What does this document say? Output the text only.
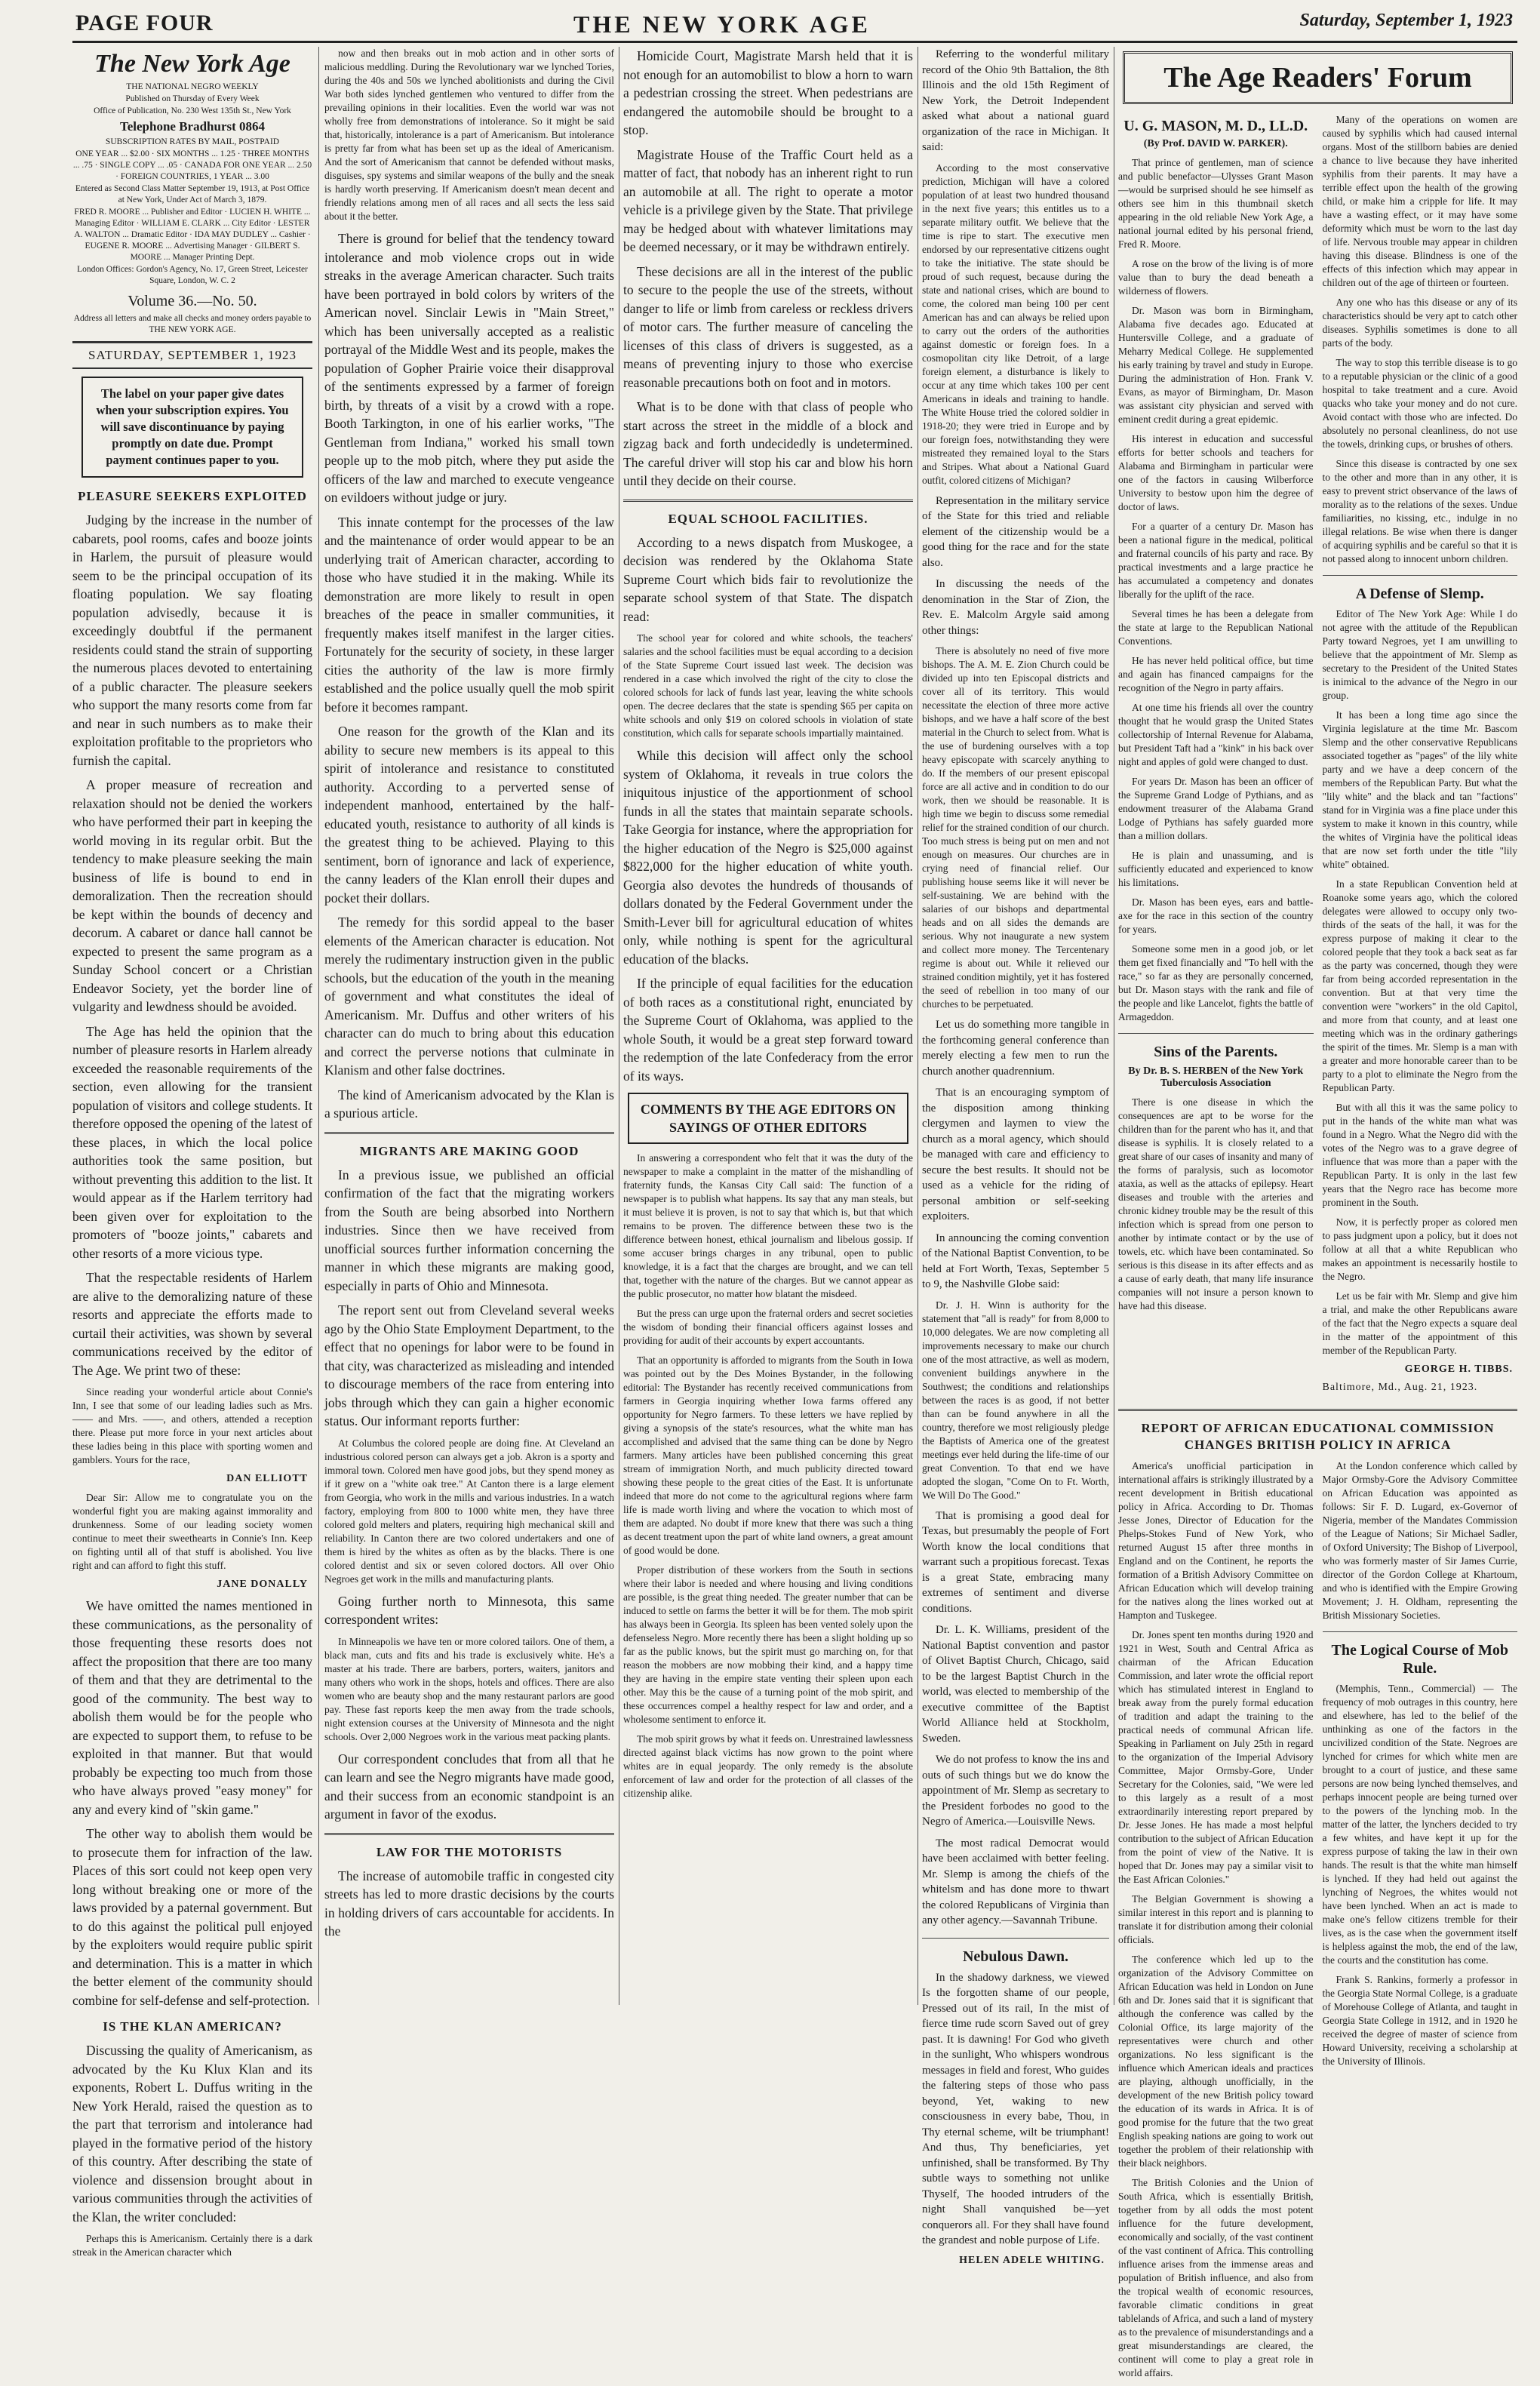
PAGE FOUR	THE NEW YORK AGE	Saturday, September 1, 1923
The New York Age
THE NATIONAL NEGRO WEEKLY
Published on Thursday of Every Week
Office of Publication, No. 230 West 135th St., New York
Telephone Bradhurst 0864
SUBSCRIPTION RATES BY MAIL, POSTPAID
ONE YEAR ... $2.00 · SIX MONTHS ... 1.25 · THREE MONTHS ... .75 · SINGLE COPY ... .05 · CANADA FOR ONE YEAR ... 2.50 · FOREIGN COUNTRIES, 1 YEAR ... 3.00
Entered as Second Class Matter September 19, 1913, at Post Office at New York, Under Act of March 3, 1879.
FRED R. MOORE ... Publisher and Editor · LUCIEN H. WHITE ... Managing Editor · WILLIAM E. CLARK ... City Editor · LESTER A. WALTON ... Dramatic Editor · IDA MAY DUDLEY ... Cashier · EUGENE R. MOORE ... Advertising Manager · GILBERT S. MOORE ... Manager Printing Dept.
London Offices: Gordon's Agency, No. 17, Green Street, Leicester Square, London, W. C. 2
Volume 36.—No. 50.
Address all letters and make all checks and money orders payable to THE NEW YORK AGE.
SATURDAY, SEPTEMBER 1, 1923
The label on your paper give dates when your subscription expires. You will save discontinuance by paying promptly on date due. Prompt payment continues paper to you.
PLEASURE SEEKERS EXPLOITED

Judging by the increase in the number of cabarets, pool rooms, cafes and booze joints in Harlem, the pursuit of pleasure would seem to be the principal occupation of its floating population. We say floating population advisedly, because it is exceedingly doubtful if the permanent residents could stand the strain of supporting the numerous places devoted to entertaining of a public character. The pleasure seekers who support the many resorts come from far and near in such numbers as to make their exploitation profitable to the proprietors who furnish the capital.

A proper measure of recreation and relaxation should not be denied the workers who have performed their part in keeping the world moving in its regular orbit. But the tendency to make pleasure seeking the main business of life is bound to end in demoralization. Then the recreation should be kept within the bounds of decency and decorum. A cabaret or dance hall cannot be expected to present the same program as a Sunday School concert or a Christian Endeavor Society, yet the border line of vulgarity and lewdness should be avoided.

The Age has held the opinion that the number of pleasure resorts in Harlem already exceeded the reasonable requirements of the section, even allowing for the transient population of visitors and college students. It therefore opposed the opening of the latest of these places, in which the local police authorities took the same position, but without preventing this addition to the list. It would appear as if the Harlem territory had been given over for exploitation to the promoters of "booze joints," cabarets and other resorts of a more vicious type.

That the respectable residents of Harlem are alive to the demoralizing nature of these resorts and appreciate the efforts made to curtail their activities, was shown by several communications received by the editor of The Age. We print two of these:

Since reading your wonderful article about Connie's Inn, I see that some of our leading ladies such as Mrs. —— and Mrs. ——, and others, attended a reception there. Please put more force in your next articles about these ladies being in this place with sporting women and gamblers. Yours for the race,

DAN ELLIOTT

Dear Sir: Allow me to congratulate you on the wonderful fight you are making against immorality and drunkenness. Some of our leading society women continue to meet their sweethearts in Connie's Inn. Keep on fighting until all of that stuff is abolished. You live right and can afford to fight this stuff.

JANE DONALLY

We have omitted the names mentioned in these communications, as the personality of those frequenting these resorts does not affect the proposition that there are too many of them and that they are detrimental to the good of the community. The best way to abolish them would be for the people who are expected to support them, to refuse to be exploited in that manner. But that would probably be expecting too much from those who have always proved "easy money" for any and every kind of "skin game."

The other way to abolish them would be to prosecute them for infraction of the law. Places of this sort could not keep open very long without breaking one or more of the laws provided by a paternal government. But to do this against the political pull enjoyed by the exploiters would require public spirit and determination. This is a matter in which the better element of the community should combine for self-defense and self-protection.

IS THE KLAN AMERICAN?

Discussing the quality of Americanism, as advocated by the Ku Klux Klan and its exponents, Robert L. Duffus writing in the New York Herald, raised the question as to the part that terrorism and intolerance had played in the formative period of the history of this country. After describing the state of violence and dissension brought about in various communities through the activities of the Klan, the writer concluded:

Perhaps this is Americanism. Certainly there is a dark streak in the American character which

now and then breaks out in mob action and in other sorts of malicious meddling. During the Revolutionary war we lynched Tories, during the 40s and 50s we lynched abolitionists and during the Civil War both sides lynched gentlemen who ventured to differ from the prevailing opinions in their localities. Even the world war was not wholly free from demonstrations of intolerance. So it might be said that, historically, intolerance is a part of Americanism. But intolerance is pretty far from what has been set up as the ideal of Americanism. And the sort of Americanism that cannot be defended without masks, disguises, spy systems and similar weapons of the bully and the sneak is hardly worth preserving. If Americanism doesn't mean decent and friendly relations among men of all races and all sects the less said about it the better.

There is ground for belief that the tendency toward intolerance and mob violence crops out in wide streaks in the average American character. Such traits have been portrayed in bold colors by writers of the American novel. Sinclair Lewis in "Main Street," which has been universally accepted as a realistic portrayal of the Middle West and its people, makes the population of Gopher Prairie voice their disapproval of the sentiments expressed by a farmer of foreign birth, by threats of a visit by a crowd with a rope. Booth Tarkington, in one of his earlier works, "The Gentleman from Indiana," worked his small town people up to the mob pitch, where they put aside the officers of the law and marched to execute vengeance on evildoers without judge or jury.

This innate contempt for the processes of the law and the maintenance of order would appear to be an underlying trait of American character, according to those who have studied it in the making. While its demonstration are more likely to result in open breaches of the peace in smaller communities, it frequently makes itself manifest in the larger cities. Fortunately for the security of society, in these larger cities the authority of the law is more firmly established and the police usually quell the mob spirit before it becomes rampant.

One reason for the growth of the Klan and its ability to secure new members is its appeal to this spirit of intolerance and resistance to constituted authority. According to a perverted sense of independent manhood, entertained by the half-educated youth, resistance to authority of all kinds is the greatest thing to be achieved. Playing to this sentiment, born of ignorance and lack of experience, the canny leaders of the Klan enroll their dupes and pocket their dollars.

The remedy for this sordid appeal to the baser elements of the American character is education. Not merely the rudimentary instruction given in the public schools, but the education of the youth in the meaning of government and what constitutes the ideal of Americanism. Mr. Duffus and other writers of his character can do much to bring about this education and correct the perverse notions that culminate in Klanism and other false doctrines.

The kind of Americanism advocated by the Klan is a spurious article.

MIGRANTS ARE MAKING GOOD

In a previous issue, we published an official confirmation of the fact that the migrating workers from the South are being absorbed into Northern industries. Since then we have received from unofficial sources further information concerning the manner in which these migrants are making good, especially in parts of Ohio and Minnesota.

The report sent out from Cleveland several weeks ago by the Ohio State Employment Department, to the effect that no openings for labor were to be found in that city, was characterized as misleading and intended to discourage members of the race from entering into jobs through which they can gain a higher economic status. Our informant reports further:

At Columbus the colored people are doing fine. At Cleveland an industrious colored person can always get a job. Akron is a sporty and immoral town. Colored men have good jobs, but they spend money as if it grew on a "white oak tree." At Canton there is a large element from Georgia, who work in the mills and various industries. In a watch factory, employing from 800 to 1000 white men, they have three colored gold melters and platers, requiring high mechanical skill and reliability. In Canton there are two colored undertakers and one of them is hired by the whites as often as by the blacks. There is one colored dentist and six or seven colored doctors. All over Ohio Negroes get work in the mills and manufacturing plants.

Going further north to Minnesota, this same correspondent writes:

In Minneapolis we have ten or more colored tailors. One of them, a black man, cuts and fits and his trade is exclusively white. He's a master at his trade. There are barbers, porters, waiters, janitors and many others who work in the shops, hotels and offices. There are also women who are beauty shop and the many restaurant parlors are good pay. These fast reports keep the men away from the trade schools, night extension courses at the University of Minnesota and the night schools. Over 2,000 Negroes work in the various meat packing plants.

Our correspondent concludes that from all that he can learn and see the Negro migrants have made good, and their success from an economic standpoint is an argument in favor of the exodus.

LAW FOR THE MOTORISTS

The increase of automobile traffic in congested city streets has led to more drastic decisions by the courts in holding drivers of cars accountable for accidents. In the

Homicide Court, Magistrate Marsh held that it is not enough for an automobilist to blow a horn to warn a pedestrian crossing the street. When pedestrians are endangered the automobile should be brought to a stop.

Magistrate House of the Traffic Court held as a matter of fact, that nobody has an inherent right to run an automobile at all. The right to operate a motor vehicle is a privilege given by the State. That privilege may be hedged about with whatever limitations may be deemed necessary, or it may be withdrawn entirely.

These decisions are all in the interest of the public to secure to the people the use of the streets, without danger to life or limb from careless or reckless drivers of motor cars. The further measure of canceling the licenses of this class of drivers is suggested, as a means of preventing injury to those who exercise reasonable precautions both on foot and in motors.

What is to be done with that class of people who start across the street in the middle of a block and zigzag back and forth undecidedly is undetermined. The careful driver will stop his car and blow his horn until they decide on their course.

EQUAL SCHOOL FACILITIES.

According to a news dispatch from Muskogee, a decision was rendered by the Oklahoma State Supreme Court which bids fair to revolutionize the separate school system of that State. The dispatch read:

The school year for colored and white schools, the teachers' salaries and the school facilities must be equal according to a decision of the State Supreme Court issued last week. The decision was rendered in a case which involved the right of the city to close the colored schools for lack of funds last year, leaving the white schools open. The decree declares that the state is spending $65 per capita on white schools and only $19 on colored schools in violation of state constitution, which calls for separate schools impartially maintained.

While this decision will affect only the school system of Oklahoma, it reveals in true colors the iniquitous injustice of the apportionment of school funds in all the states that maintain separate schools. Take Georgia for instance, where the appropriation for the higher education of the Negro is $25,000 against $822,000 for the higher education of white youth. Georgia also devotes the hundreds of thousands of dollars donated by the Federal Government under the Smith-Lever bill for agricultural education of whites only, while nothing is spent for the agricultural education of the blacks.

If the principle of equal facilities for the education of both races as a constitutional right, enunciated by the Supreme Court of Oklahoma, was applied to the whole South, it would be a great step forward toward the redemption of the late Confederacy from the error of its ways.

COMMENTS BY THE AGE EDITORS ON SAYINGS OF OTHER EDITORS

In answering a correspondent who felt that it was the duty of the newspaper to make a complaint in the matter of the mishandling of fraternity funds, the Kansas City Call said: The function of a newspaper is to publish what happens. Its say that any man steals, but it must believe it is proven, is not to say that which is, but that which remains to be proven. The difference between these two is the difference between honest, ethical journalism and libelous gossip. If some accuser brings charges in any tribunal, open to public knowledge, it is a fact that the charges are brought, and we can tell that, together with the nature of the charges. But we cannot appear as the public prosecutor, no matter how blatant the misdeed.

But the press can urge upon the fraternal orders and secret societies the wisdom of bonding their financial officers against losses and providing for audit of their accounts by expert accountants.

That an opportunity is afforded to migrants from the South in Iowa was pointed out by the Des Moines Bystander, in the following editorial: The Bystander has recently received communications from farmers in Georgia inquiring whether Iowa farms offered any opportunity for Negro farmers. To these letters we have replied by giving a synopsis of the state's resources, what the white man has accomplished and advised that the same thing can be done by Negro farmers. Many articles have been published concerning this great stream of immigration North, and much publicity directed toward showing these people to the great cities of the East. It is unfortunate indeed that more do not come to the agricultural regions where farm life is made worth living and where the vocation to which most of them are adapted. No doubt if more knew that there was such a thing as decent treatment upon the part of white land owners, a great amount of good would be done.

Proper distribution of these workers from the South in sections where their labor is needed and where housing and living conditions are possible, is the great thing needed. The greater number that can be induced to settle on farms the better it will be for them. The mob spirit has always been in Georgia. Its spleen has been vented solely upon the defenseless Negro. More recently there has been a slight holding up so far as the public knows, but the spirit must go marching on, for that reason the mobbers are now mobbing their kind, and a happy time they are having in the empire state venting their spleen upon each other. May this be the cause of a turning point of the mob spirit, and these occurrences compel a healthy respect for law and order, and a wholesome sentiment to enforce it.

The mob spirit grows by what it feeds on. Unrestrained lawlessness directed against black victims has now grown to the point where whites are in equal jeopardy. The only remedy is the absolute enforcement of law and order for the protection of all classes of the citizenship alike.

Referring to the wonderful military record of the Ohio 9th Battalion, the 8th Illinois and the old 15th Regiment of New York, the Detroit Independent asked what about a national guard organization of the race in Michigan. It said:

According to the most conservative prediction, Michigan will have a colored population of at least two hundred thousand in the next five years; this entitles us to a separate military outfit. We believe that the time is ripe to start. The executive men endorsed by our representative citizens ought to take the initiative. The state should be proud of such request, because during the state and national crises, which are bound to come, the colored man being 100 per cent American has and can always be relied upon to carry out the orders of the authorities against domestic or foreign foes. In a cosmopolitan city like Detroit, of a large foreign element, a disturbance is likely to occur at any time which takes 100 per cent Americans in ideals and training to handle. The White House tried the colored soldier in 1918-20; they were tried in Europe and by our foreign foes, notwithstanding they were mistreated they remained loyal to the Stars and Stripes. What about a National Guard outfit, colored citizens of Michigan?

Representation in the military service of the State for this tried and reliable element of the citizenship would be a good thing for the race and for the state also.

In discussing the needs of the denomination in the Star of Zion, the Rev. E. Malcolm Argyle said among other things:

There is absolutely no need of five more bishops. The A. M. E. Zion Church could be divided up into ten Episcopal districts and cover all of its territory. This would necessitate the election of three more active bishops, and we have a half score of the best material in the Church to select from. What is the use of burdening ourselves with a top heavy episcopate with scarcely anything to do. If the members of our present episcopal force are all active and in condition to do our work, then we should be reasonable. It is high time we begin to discuss some remedial relief for the strained condition of our church. Too much stress is being put on men and not enough on measures. Our churches are in crying need of financial relief. Our publishing house seems like it will never be self-sustaining. We are behind with the salaries of our bishops and departmental heads and on all sides the demands are serious. Why not inaugurate a new system and collect more money. The Tercentenary regime is about out. While it relieved our strained condition mightily, yet it has fostered the seed of rebellion in too many of our churches to be perpetuated.

Let us do something more tangible in the forthcoming general conference than merely electing a few men to run the church another quadrennium.

That is an encouraging symptom of the disposition among thinking clergymen and laymen to view the church as a moral agency, which should be managed with care and efficiency to secure the best results. It should not be used as a vehicle for the riding of personal ambition or self-seeking exploiters.

In announcing the coming convention of the National Baptist Convention, to be held at Fort Worth, Texas, September 5 to 9, the Nashville Globe said:

Dr. J. H. Winn is authority for the statement that "all is ready" for from 8,000 to 10,000 delegates. We are now completing all improvements necessary to make our church one of the most attractive, as well as modern, convenient buildings anywhere in the Southwest; the conditions and relationships between the races is as good, if not better than can be found anywhere in all the country, therefore we most religiously pledge the Baptists of America one of the greatest meetings ever held during the life-time of our great Convention. To that end we have adopted the slogan, "Come On to Ft. Worth, We Will Do The Good."

That is promising a good deal for Texas, but presumably the people of Fort Worth know the local conditions that warrant such a propitious forecast. Texas is a great State, embracing many extremes of sentiment and diverse conditions.

Dr. L. K. Williams, president of the National Baptist convention and pastor of Olivet Baptist Church, Chicago, said to be the largest Baptist Church in the world, was elected to membership of the executive committee of the Baptist World Alliance held at Stockholm, Sweden.

We do not profess to know the ins and outs of such things but we do know the appointment of Mr. Slemp as secretary to the President forbodes no good to the Negro of America.—Louisville News.

The most radical Democrat would have been acclaimed with better feeling. Mr. Slemp is among the chiefs of the whitelsm and has done more to thwart the colored Republicans of Virginia than any other agency.—Savannah Tribune.

Nebulous Dawn.

In the shadowy darkness, we viewed Is the forgotten shame of our people, Pressed out of its rail, In the mist of fierce time rude scorn Saved out of grey past. It is dawning! For God who giveth in the sunlight, Who whispers wondrous messages in field and forest, Who guides the faltering steps of those who pass beyond, Yet, waking to new consciousness in every babe, Thou, in Thy eternal scheme, wilt be triumphant! And thus, Thy beneficiaries, yet unfinished, shall be transformed. By Thy subtle ways to something not unlike Thyself, The hooded intruders of the night Shall vanquished be—yet conquerors all. For they shall have found the grandest and noble purpose of Life.

HELEN ADELE WHITING.
The Age Readers' Forum
U. G. MASON, M. D., LL.D.
(By Prof. DAVID W. PARKER).

That prince of gentlemen, man of science and public benefactor—Ulysses Grant Mason—would be surprised should he see himself as others see him in this thumbnail sketch appearing in the old reliable New York Age, a national journal edited by his personal friend, Fred R. Moore.

A rose on the brow of the living is of more value than to bury the dead beneath a wilderness of flowers.

Dr. Mason was born in Birmingham, Alabama five decades ago. Educated at Huntersville College, and a graduate of Meharry Medical College. He supplemented his early training by travel and study in Europe. During the administration of Hon. Frank V. Evans, as mayor of Birmingham, Dr. Mason was assistant city physician and served with eminent credit during a great epidemic.

His interest in education and successful efforts for better schools and teachers for Alabama and Birmingham in particular were one of the factors in causing Wilberforce University to bestow upon him the degree of doctor of laws.

For a quarter of a century Dr. Mason has been a national figure in the medical, political and fraternal councils of his party and race. By practical investments and a large practice he has accumulated a competency and donates liberally for the uplift of the race.

Several times he has been a delegate from the state at large to the Republican National Conventions.

He has never held political office, but time and again has financed campaigns for the recognition of the Negro in party affairs.

At one time his friends all over the country thought that he would grasp the United States collectorship of Internal Revenue for Alabama, but President Taft had a "kink" in his back over night and apples of gold were changed to dust.

For years Dr. Mason has been an officer of the Supreme Grand Lodge of Pythians, and as endowment treasurer of the Alabama Grand Lodge of Pythians has safely guarded more than a million dollars.

He is plain and unassuming, and is sufficiently educated and experienced to know his limitations.

Dr. Mason has been eyes, ears and battle-axe for the race in this section of the country for years.

Someone some men in a good job, or let them get fixed financially and "To hell with the race," so far as they are personally concerned, but Dr. Mason stays with the rank and file of the people and like Lancelot, fights the battle of Armageddon.

Sins of the Parents.
By Dr. B. S. HERBEN of the New York Tuberculosis Association

There is one disease in which the consequences are apt to be worse for the children than for the parent who has it, and that disease is syphilis. It is closely related to a great share of our cases of insanity and many of the forms of paralysis, such as locomotor ataxia, as well as the attacks of epilepsy. Heart diseases and trouble with the arteries and chronic kidney trouble may be the result of this infection which is spread from one person to another by intimate contact or by the use of towels, etc. which have been contaminated. So serious is this disease in its after effects and as a cause of early death, that many life insurance companies will not insure a person known to have had this disease.

Many of the operations on women are caused by syphilis which had caused internal organs. Most of the stillborn babies are denied a chance to live because they have inherited syphilis from their parents. It may have a terrible effect upon the health of the growing child, or make him a cripple for life. It may have a wasting effect, or it may have some deformity which must be worn to the last day of life. Nervous trouble may appear in children having this disease. Blindness is one of the effects of this infection which may appear in children out of the age of thirteen or fourteen.

Any one who has this disease or any of its characteristics should be very apt to catch other diseases. Syphilis sometimes is done to all parts of the body.

The way to stop this terrible disease is to go to a reputable physician or the clinic of a good hospital to take treatment and a cure. Avoid quacks who take your money and do not cure. Avoid contact with those who are infected. Do absolutely no personal cleanliness, do not use the towels, drinking cups, or brushes of others.

Since this disease is contracted by one sex to the other and more than in any other, it is easy to prevent strict observance of the laws of morality as to the relations of the sexes. Undue familiarities, no kissing, etc., indulge in no illegal relations. Be wise when there is danger of acquiring syphilis and be careful so that it is not passed along to innocent unborn children.

A Defense of Slemp.

Editor of The New York Age: While I do not agree with the attitude of the Republican Party toward Negroes, yet I am unwilling to believe that the appointment of Mr. Slemp as secretary to the President of the United States is inimical to the advance of the Negro in our group.

It has been a long time ago since the Virginia legislature at the time Mr. Bascom Slemp and the other conservative Republicans associated together as "pages" of the lily white party and we have a deep concern of the members of the Republican Party. But what the "lily white" and the black and tan "factions" stand for in Virginia was a fine place under this system to make it known in this country, while the whites of Virginia have the political ideas that are now set forth under the title "lily white" obtained.

In a state Republican Convention held at Roanoke some years ago, which the colored delegates were allowed to occupy only two-thirds of the seats of the hall, it was for the express purpose of making it clear to the colored people that they took a back seat as far as the party was concerned, though they were far from being accorded representation in the convention. But at that very time the convention were "workers" in the old Capitol, and more from that county, and at least one meeting which was in the ordinary gatherings the spirit of the times. Mr. Slemp is a man with a greater and more honorable career than to be party to a plot to eliminate the Negro from the Republican Party.

But with all this it was the same policy to put in the hands of the white man what was found in a Negro. What the Negro did with the votes of the Negro was to a grave degree of influence that was more than a paper with the Republican Party. It is only in the last few years that the Negro race has become more prominent in the South.

Now, it is perfectly proper as colored men to pass judgment upon a policy, but it does not follow at all that a white Republican who makes an appointment is necessarily hostile to the Negro.

Let us be fair with Mr. Slemp and give him a trial, and make the other Republicans aware of the fact that the Negro expects a square deal in the matter of the appointment of this member of the Republican Party.

GEORGE H. TIBBS.
Baltimore, Md., Aug. 21, 1923.
REPORT OF AFRICAN EDUCATIONAL COMMISSION CHANGES BRITISH POLICY IN AFRICA

America's unofficial participation in international affairs is strikingly illustrated by a recent development in British educational policy in Africa. According to Dr. Thomas Jesse Jones, Director of Education for the Phelps-Stokes Fund of New York, who returned August 15 after three months in England and on the Continent, he reports the formation of a British Advisory Committee on African Education which will develop training for the natives along the lines worked out at Hampton and Tuskegee.

Dr. Jones spent ten months during 1920 and 1921 in West, South and Central Africa as chairman of the African Education Commission, and later wrote the official report which has stimulated interest in England to break away from the purely formal education of tradition and adapt the training to the practical needs of communal African life. Speaking in Parliament on July 25th in regard to the organization of the Imperial Advisory Committee, Major Ormsby-Gore, Under Secretary for the Colonies, said, "We were led to this largely as a result of a most extraordinarily interesting report prepared by Dr. Jesse Jones. He has made a most helpful contribution to the subject of African Education from the point of view of the Native. It is hoped that Dr. Jones may pay a similar visit to the East African Colonies."

The Belgian Government is showing a similar interest in this report and is planning to translate it for distribution among their colonial officials.

The conference which led up to the organization of the Advisory Committee on African Education was held in London on June 6th and Dr. Jones said that it is significant that although the conference was called by the Colonial Office, its large majority of the representatives were church and other organizations. No less significant is the influence which American ideals and practices are playing, although unofficially, in the development of the new British policy toward the education of its wards in Africa. It is of good promise for the future that the two great English speaking nations are going to work out together the problem of their relationship with their black neighbors.

The British Colonies and the Union of South Africa, which is essentially British, together from by all odds the most potent influence for the future development, economically and socially, of the vast continent of the vast continent of Africa. This controlling influence arises from the immense areas and population of British influence, and also from the tropical wealth of economic resources, favorable climatic conditions in great tablelands of Africa, and such a land of mystery as to the prevalence of misunderstandings and a great misunderstandings are cleared, the continent will come to play a great role in world affairs.

At the London conference which called by Major Ormsby-Gore the Advisory Committee on African Education was appointed as follows: Sir F. D. Lugard, ex-Governor of Nigeria, member of the Mandates Commission of the League of Nations; Sir Michael Sadler, of Oxford University; The Bishop of Liverpool, who was formerly master of Sir James Currie, director of the Gordon College at Khartoum, and who is identified with the Empire Growing Movement; J. H. Oldham, representing the British Missionary Societies.

The Logical Course of Mob Rule.

(Memphis, Tenn., Commercial) — The frequency of mob outrages in this country, here and elsewhere, has led to the belief of the unthinking as one of the factors in the uncivilized condition of the State. Negroes are lynched for crimes for which white men are brought to a court of justice, and these same persons are now being lynched themselves, and perhaps innocent people are being turned over to the powers of the lynching mob. In the matter of the latter, the lynchers decided to try a few whites, and have kept it up for the express purpose of taking the law in their own hands. The result is that the white man himself is lynched. If they had held out against the lynching of Negroes, the whites would not have been lynched. When an act is made to make one's fellow citizens tremble for their lives, as is the case when the government itself is helpless against the mob, the end of the law, the courts and the constitution has come.

Frank S. Rankins, formerly a professor in the Georgia State Normal College, is a graduate of Morehouse College of Atlanta, and taught in Georgia State College in 1912, and in 1920 he received the degree of master of science from Howard University, receiving a scholarship at the University of Illinois.
